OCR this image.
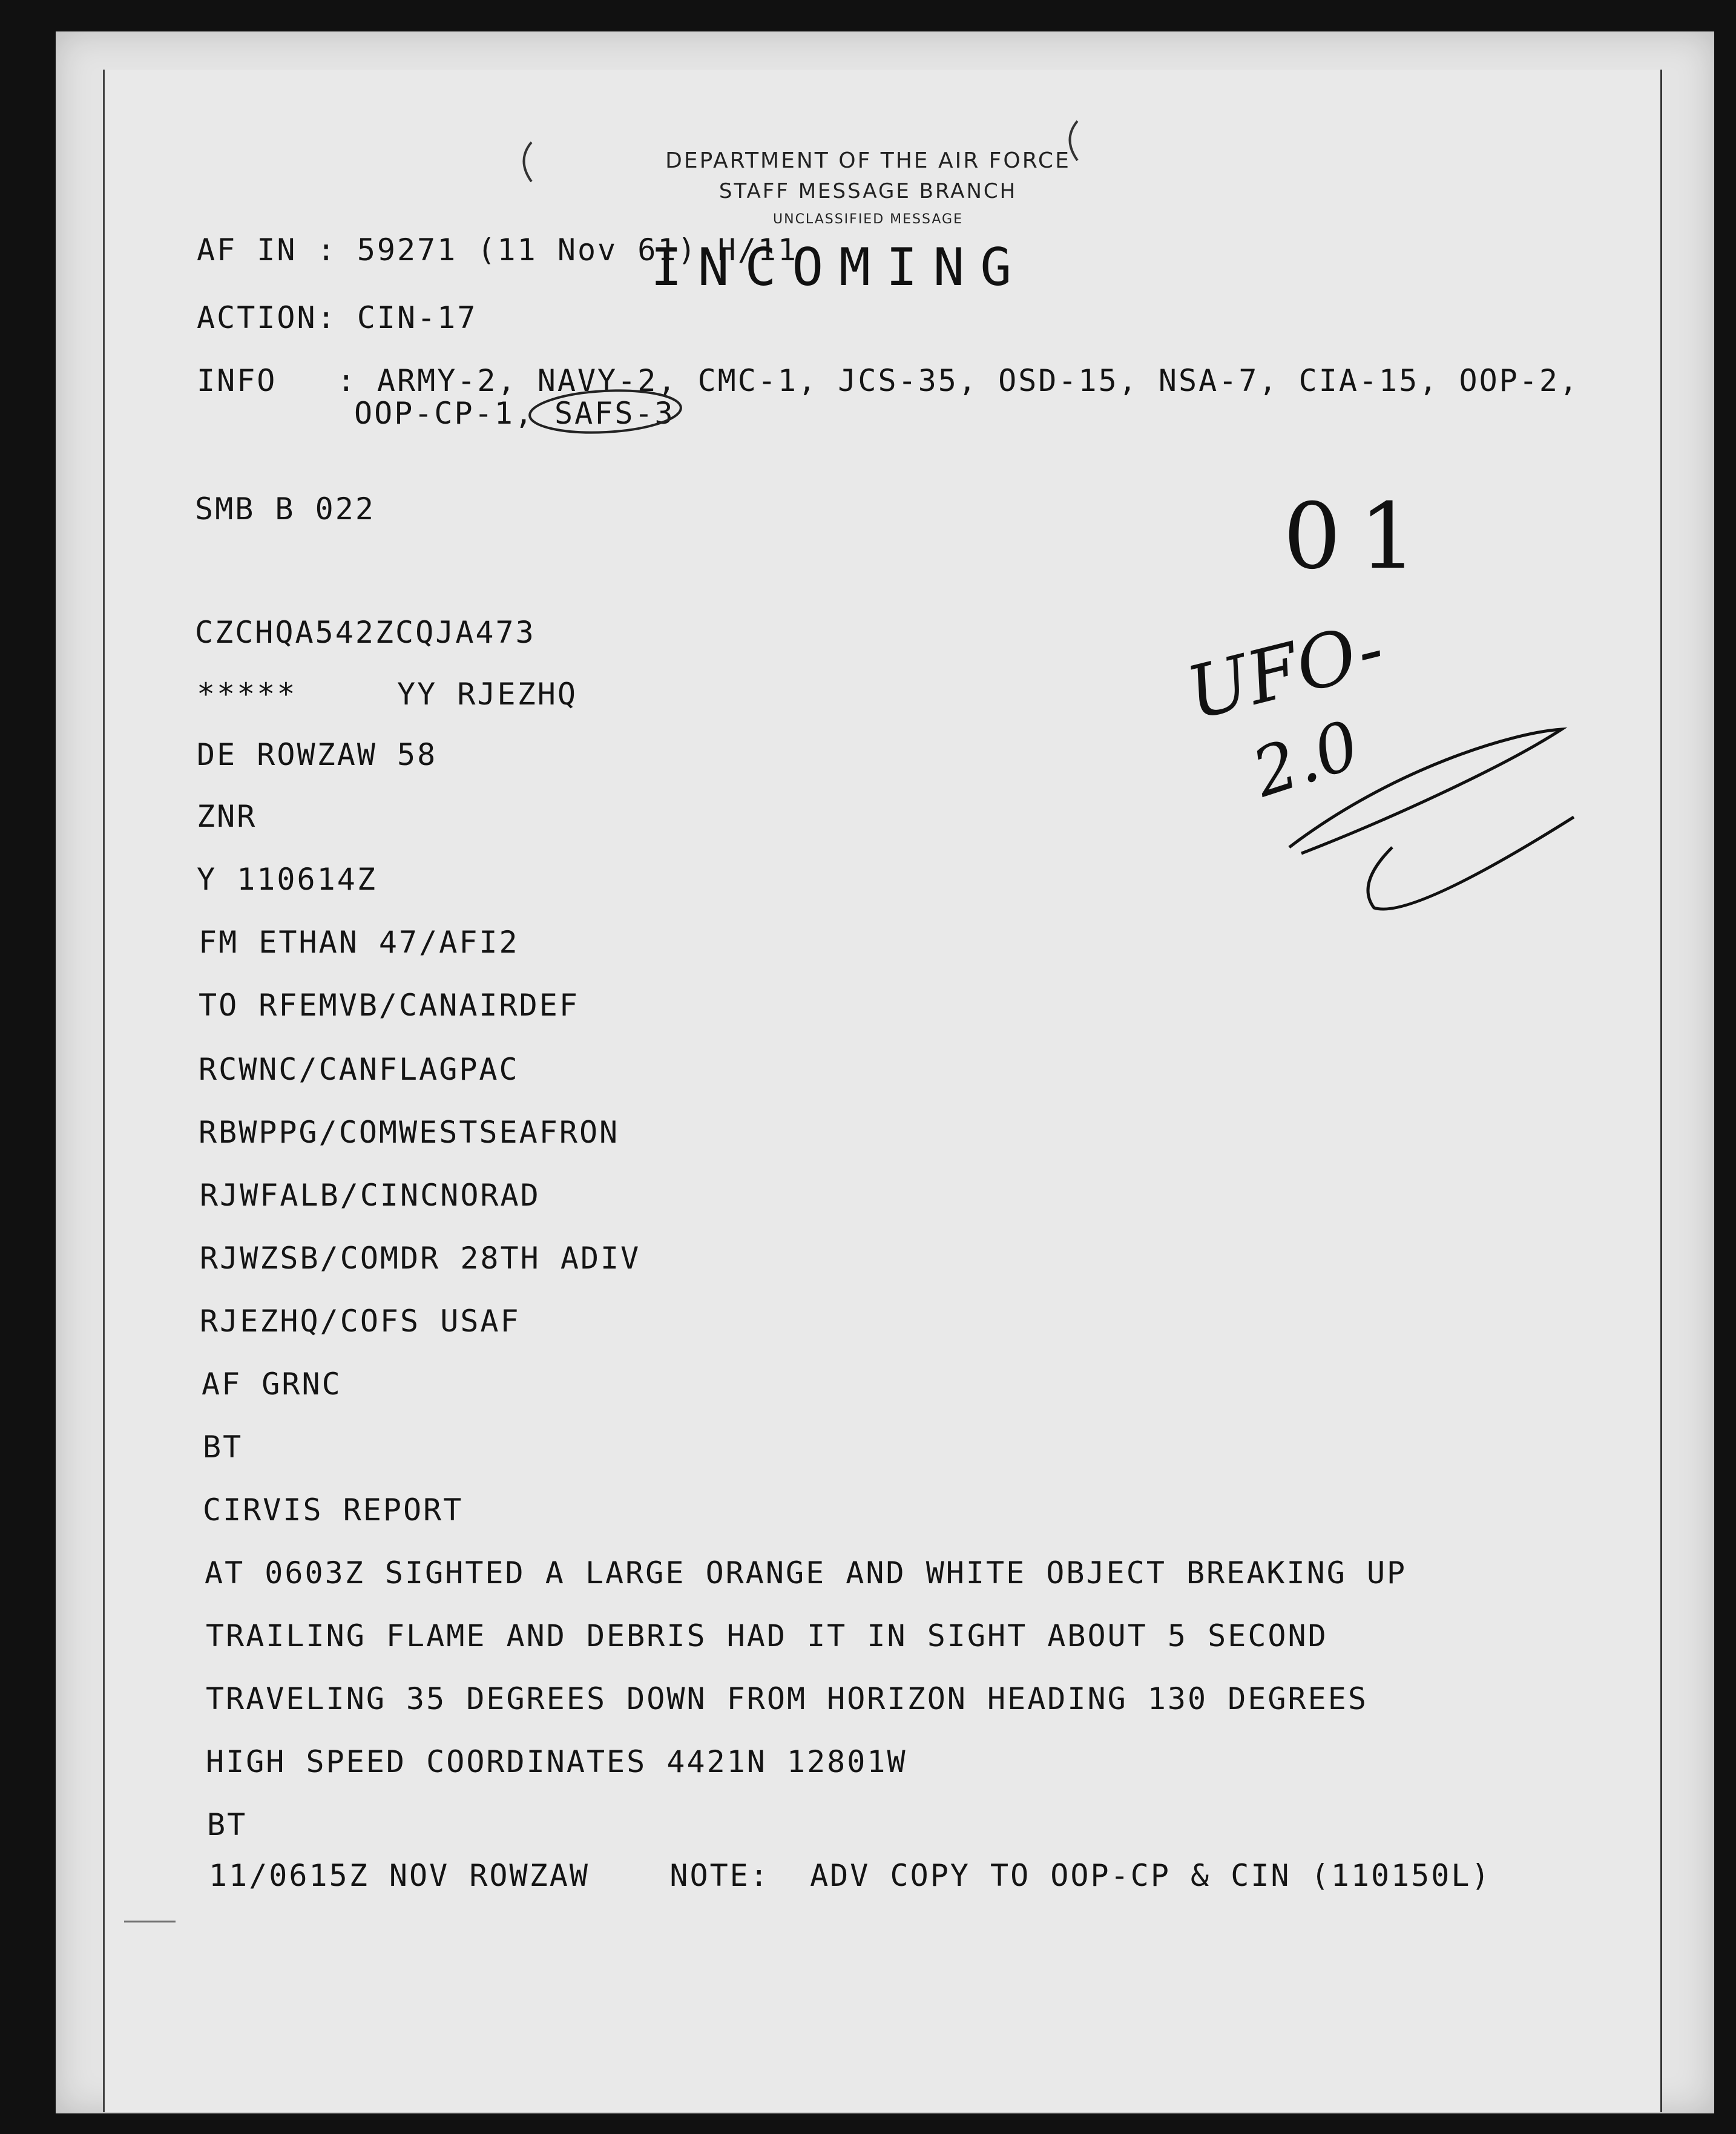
DEPARTMENT OF THE AIR FORCE
STAFF MESSAGE BRANCH
UNCLASSIFIED MESSAGE
AF IN : 59271 (11 Nov 61) H/11
INCOMING
ACTION: CIN-17
INFO   : ARMY-2, NAVY-2, CMC-1, JCS-35, OSD-15, NSA-7, CIA-15, OOP-2,
OOP-CP-1, SAFS-3
SMB B 022
CZCHQA542ZCQJA473
*****     YY RJEZHQ
DE ROWZAW 58
ZNR
Y 110614Z
FM ETHAN 47/AFI2
TO RFEMVB/CANAIRDEF
RCWNC/CANFLAGPAC
RBWPPG/COMWESTSEAFRON
RJWFALB/CINCNORAD
RJWZSB/COMDR 28TH ADIV
RJEZHQ/COFS USAF
AF GRNC
BT
CIRVIS REPORT
AT 0603Z SIGHTED A LARGE ORANGE AND WHITE OBJECT BREAKING UP
TRAILING FLAME AND DEBRIS HAD IT IN SIGHT ABOUT 5 SECOND
TRAVELING 35 DEGREES DOWN FROM HORIZON HEADING 130 DEGREES
HIGH SPEED COORDINATES 4421N 12801W
BT
11/0615Z NOV ROWZAW    NOTE:  ADV COPY TO OOP-CP & CIN (110150L)
01
UFO-
2.0
